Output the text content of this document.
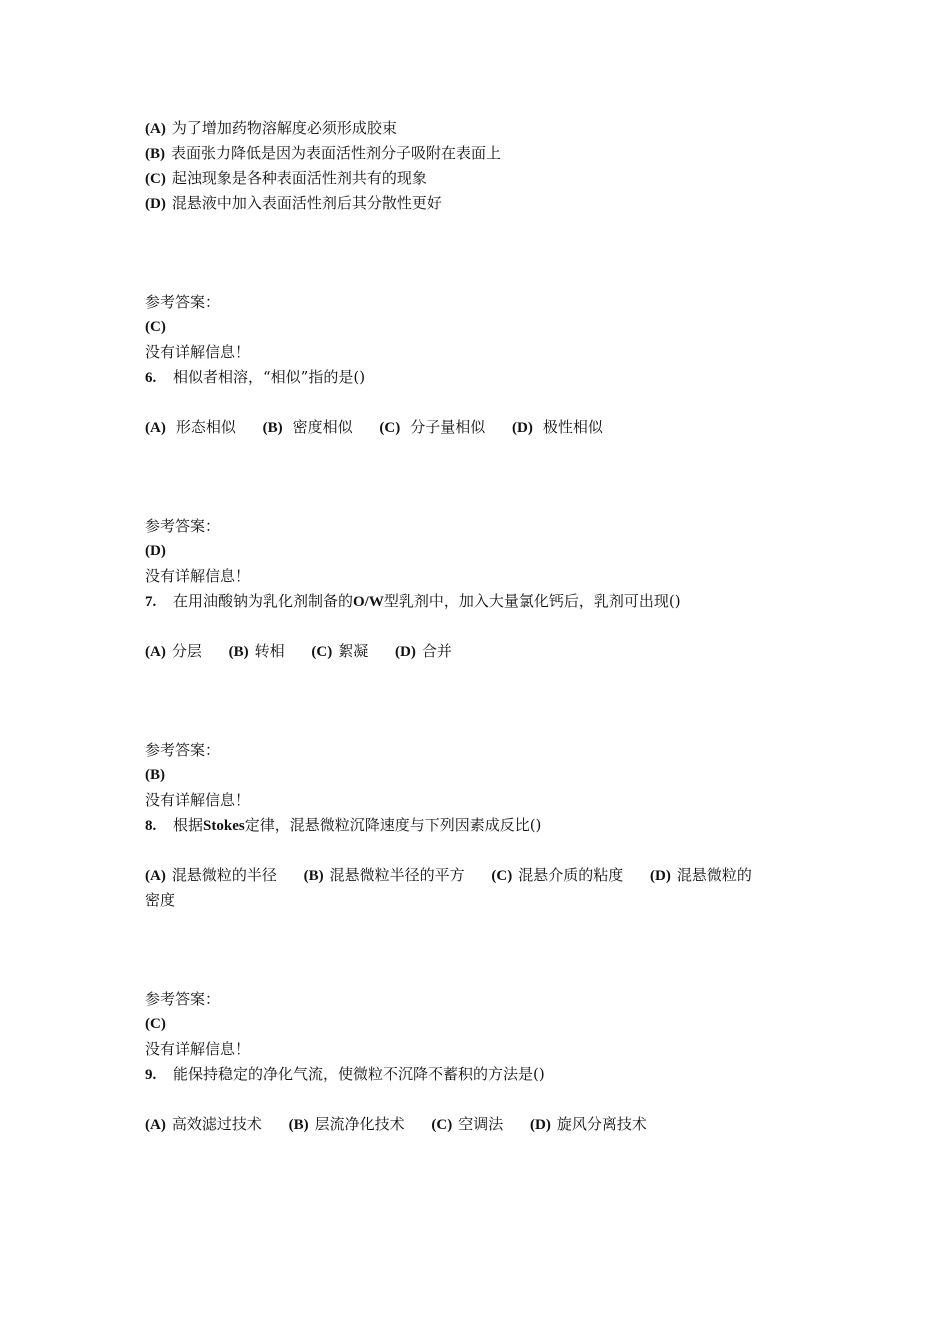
(A) 为了增加药物溶解度必须形成胶束
(B) 表面张力降低是因为表面活性剂分子吸附在表面上
(C) 起浊现象是各种表面活性剂共有的现象
(D) 混悬液中加入表面活性剂后其分散性更好
参考答案：
(C)
没有详解信息！
6. 相似者相溶，“相似”指的是()
(A) 形态相似 (B) 密度相似 (C) 分子量相似 (D) 极性相似
参考答案：
(D)
没有详解信息！
7. 在用油酸钠为乳化剂制备的O/W型乳剂中，加入大量氯化钙后，乳剂可出现()
(A) 分层 (B) 转相 (C) 絮凝 (D) 合并
参考答案：
(B)
没有详解信息！
8. 根据Stokes定律，混悬微粒沉降速度与下列因素成反比()
(A) 混悬微粒的半径 (B) 混悬微粒半径的平方 (C) 混悬介质的粘度 (D) 混悬微粒的
密度
参考答案：
(C)
没有详解信息！
9. 能保持稳定的净化气流，使微粒不沉降不蓄积的方法是()
(A) 高效滤过技术 (B) 层流净化技术 (C) 空调法 (D) 旋风分离技术
